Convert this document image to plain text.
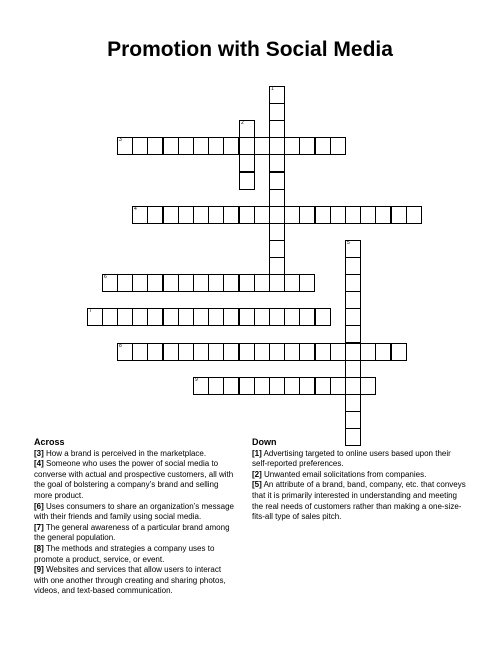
Promotion with Social Media
1
2
3
4
5
6
7
8
9
Across

[3] How a brand is perceived in the marketplace.

[4] Someone who uses the power of social media to converse with actual and prospective customers, all with the goal of bolstering a company’s brand and selling more product.

[6] Uses consumers to share an organization’s message with their friends and family using social media.

[7] The general awareness of a particular brand among the general population.

[8] The methods and strategies a company uses to promote a product, service, or event.

[9] Websites and services that allow users to interact with one another through creating and sharing photos, videos, and text-based communication.

Down

[1] Advertising targeted to online users based upon their self-reported preferences.

[2] Unwanted email solicitations from companies.

[5] An attribute of a brand, band, company, etc. that conveys that it is primarily interested in understanding and meeting the real needs of customers rather than making a one-size-fits-all type of sales pitch.
